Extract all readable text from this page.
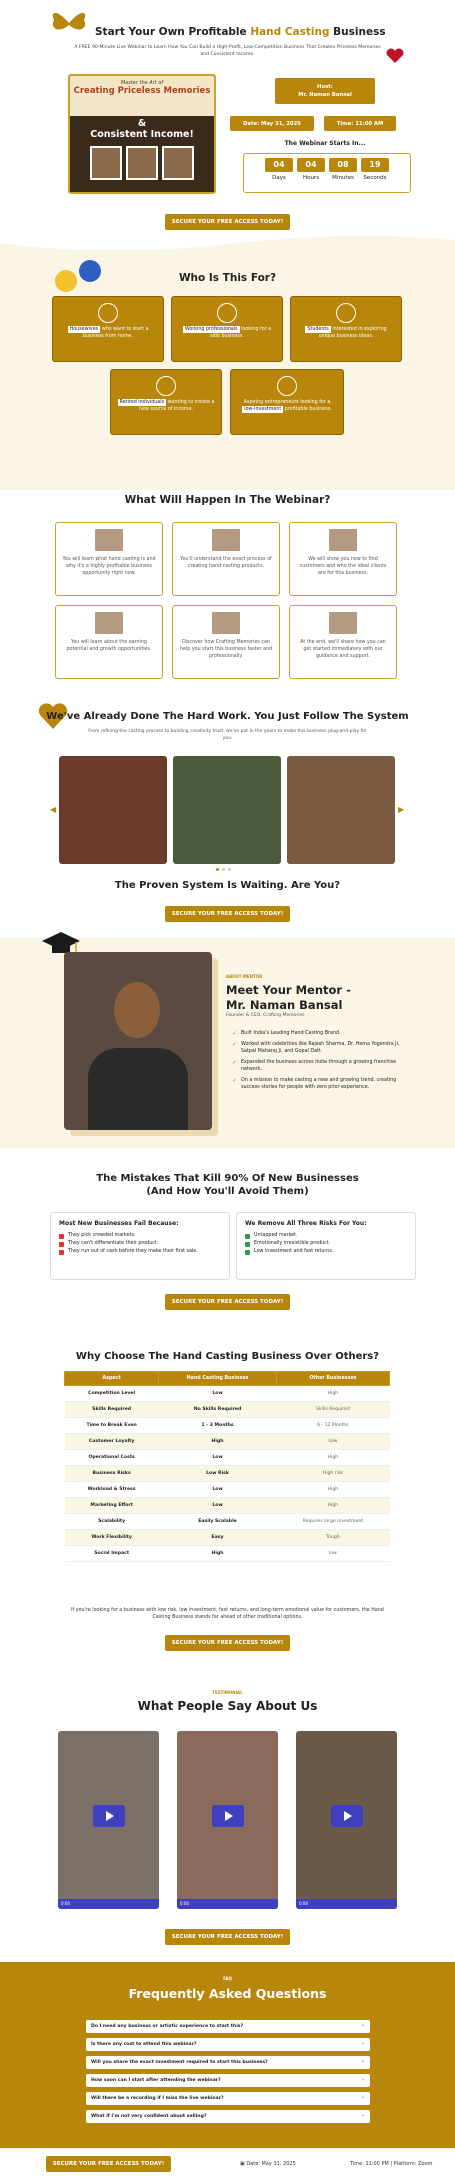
Start Your Own Profitable Hand Casting Business
A FREE 90-Minute Live Webinar to Learn How You Can Build a High-Profit, Low-Competition Business That Creates Priceless Memories and Consistent Income.
Master the Art of
Creating Priceless Memories
&
Consistent Income!
Host:
Mr. Naman Bansal
Date: May 31, 2025	Time: 11:00 AM
The Webinar Starts In...
04
Days
04
Hours
08
Minutes
19
Seconds
SECURE YOUR FREE ACCESS TODAY!
Who Is This For?
Housewives who want to start a business from home.
Working professionals looking for a side business.
Students interested in exploring unique business ideas.
Retired individuals wanting to create a new source of income.
Aspiring entrepreneurs looking for a low-investment profitable business.
What Will Happen In The Webinar?
You will learn what hand casting is and why it's a highly profitable business opportunity right now.
You'll understand the exact process of creating hand casting products.
We will show you how to find customers and who the ideal clients are for this business.
You will learn about the earning potential and growth opportunities.
Discover how Crafting Memories can help you start this business faster and professionally.
At the end, we'll share how you can get started immediately with our guidance and support.
We've Already Done The Hard Work. You Just Follow The System
From refining the casting process to building creativity trust, we've put in the years to make this business plug-and-play for you.
◀	▶
The Proven System Is Waiting. Are You?
SECURE YOUR FREE ACCESS TODAY!
ABOUT MENTOR
Meet Your Mentor -
Mr. Naman Bansal
Founder & CEO, Crafting Memories
✓ Built India's Leading Hand Casting Brand.
✓ Worked with celebrities like Rajesh Sharma, Dr. Hema Yogendra Ji, Satpal Maharaj Ji, and Gopal Datt.
✓ Expanded the business across India through a growing franchise network.
✓ On a mission to make casting a new and growing trend, creating success stories for people with zero prior experience.
The Mistakes That Kill 90% Of New Businesses
(And How You'll Avoid Them)
Most New Businesses Fail Because:
They pick crowded markets.
They can't differentiate their product.
They run out of cash before they make their first sale.
We Remove All Three Risks For You:
Untapped market.
Emotionally irresistible product.
Low investment and fast returns.
SECURE YOUR FREE ACCESS TODAY!
Why Choose The Hand Casting Business Over Others?
Aspect	Hand Casting Business	Other Businesses
Competition Level	Low	High
Skills Required	No Skills Required	Skills Required
Time to Break Even	1 - 3 Months	6 - 12 Months
Customer Loyalty	High	Low
Operational Costs	Low	High
Business Risks	Low Risk	High risk
Workload & Stress	Low	High
Marketing Effort	Low	High
Scalability	Easily Scalable	Requires large investment
Work Flexibility	Easy	Tough
Social Impact	High	low
If you're looking for a business with low risk, low investment, fast returns, and long-term emotional value for customers, the Hand Casting Business stands far ahead of other traditional options.
SECURE YOUR FREE ACCESS TODAY!
TESTIMONIAL
What People Say About Us
0:00	0:00	0:00
SECURE YOUR FREE ACCESS TODAY!
FAQ
Frequently Asked Questions
Do I need any business or artistic experience to start this?	›
Is there any cost to attend this webinar?	›
Will you share the exact investment required to start this business?	›
How soon can I start after attending the webinar?	›
Will there be a recording if I miss the live webinar?	›
What if I'm not very confident about selling?	›
SECURE YOUR FREE ACCESS TODAY!	▣ Date: May 31, 2025	Time: 11:00 PM | Platform: Zoom
